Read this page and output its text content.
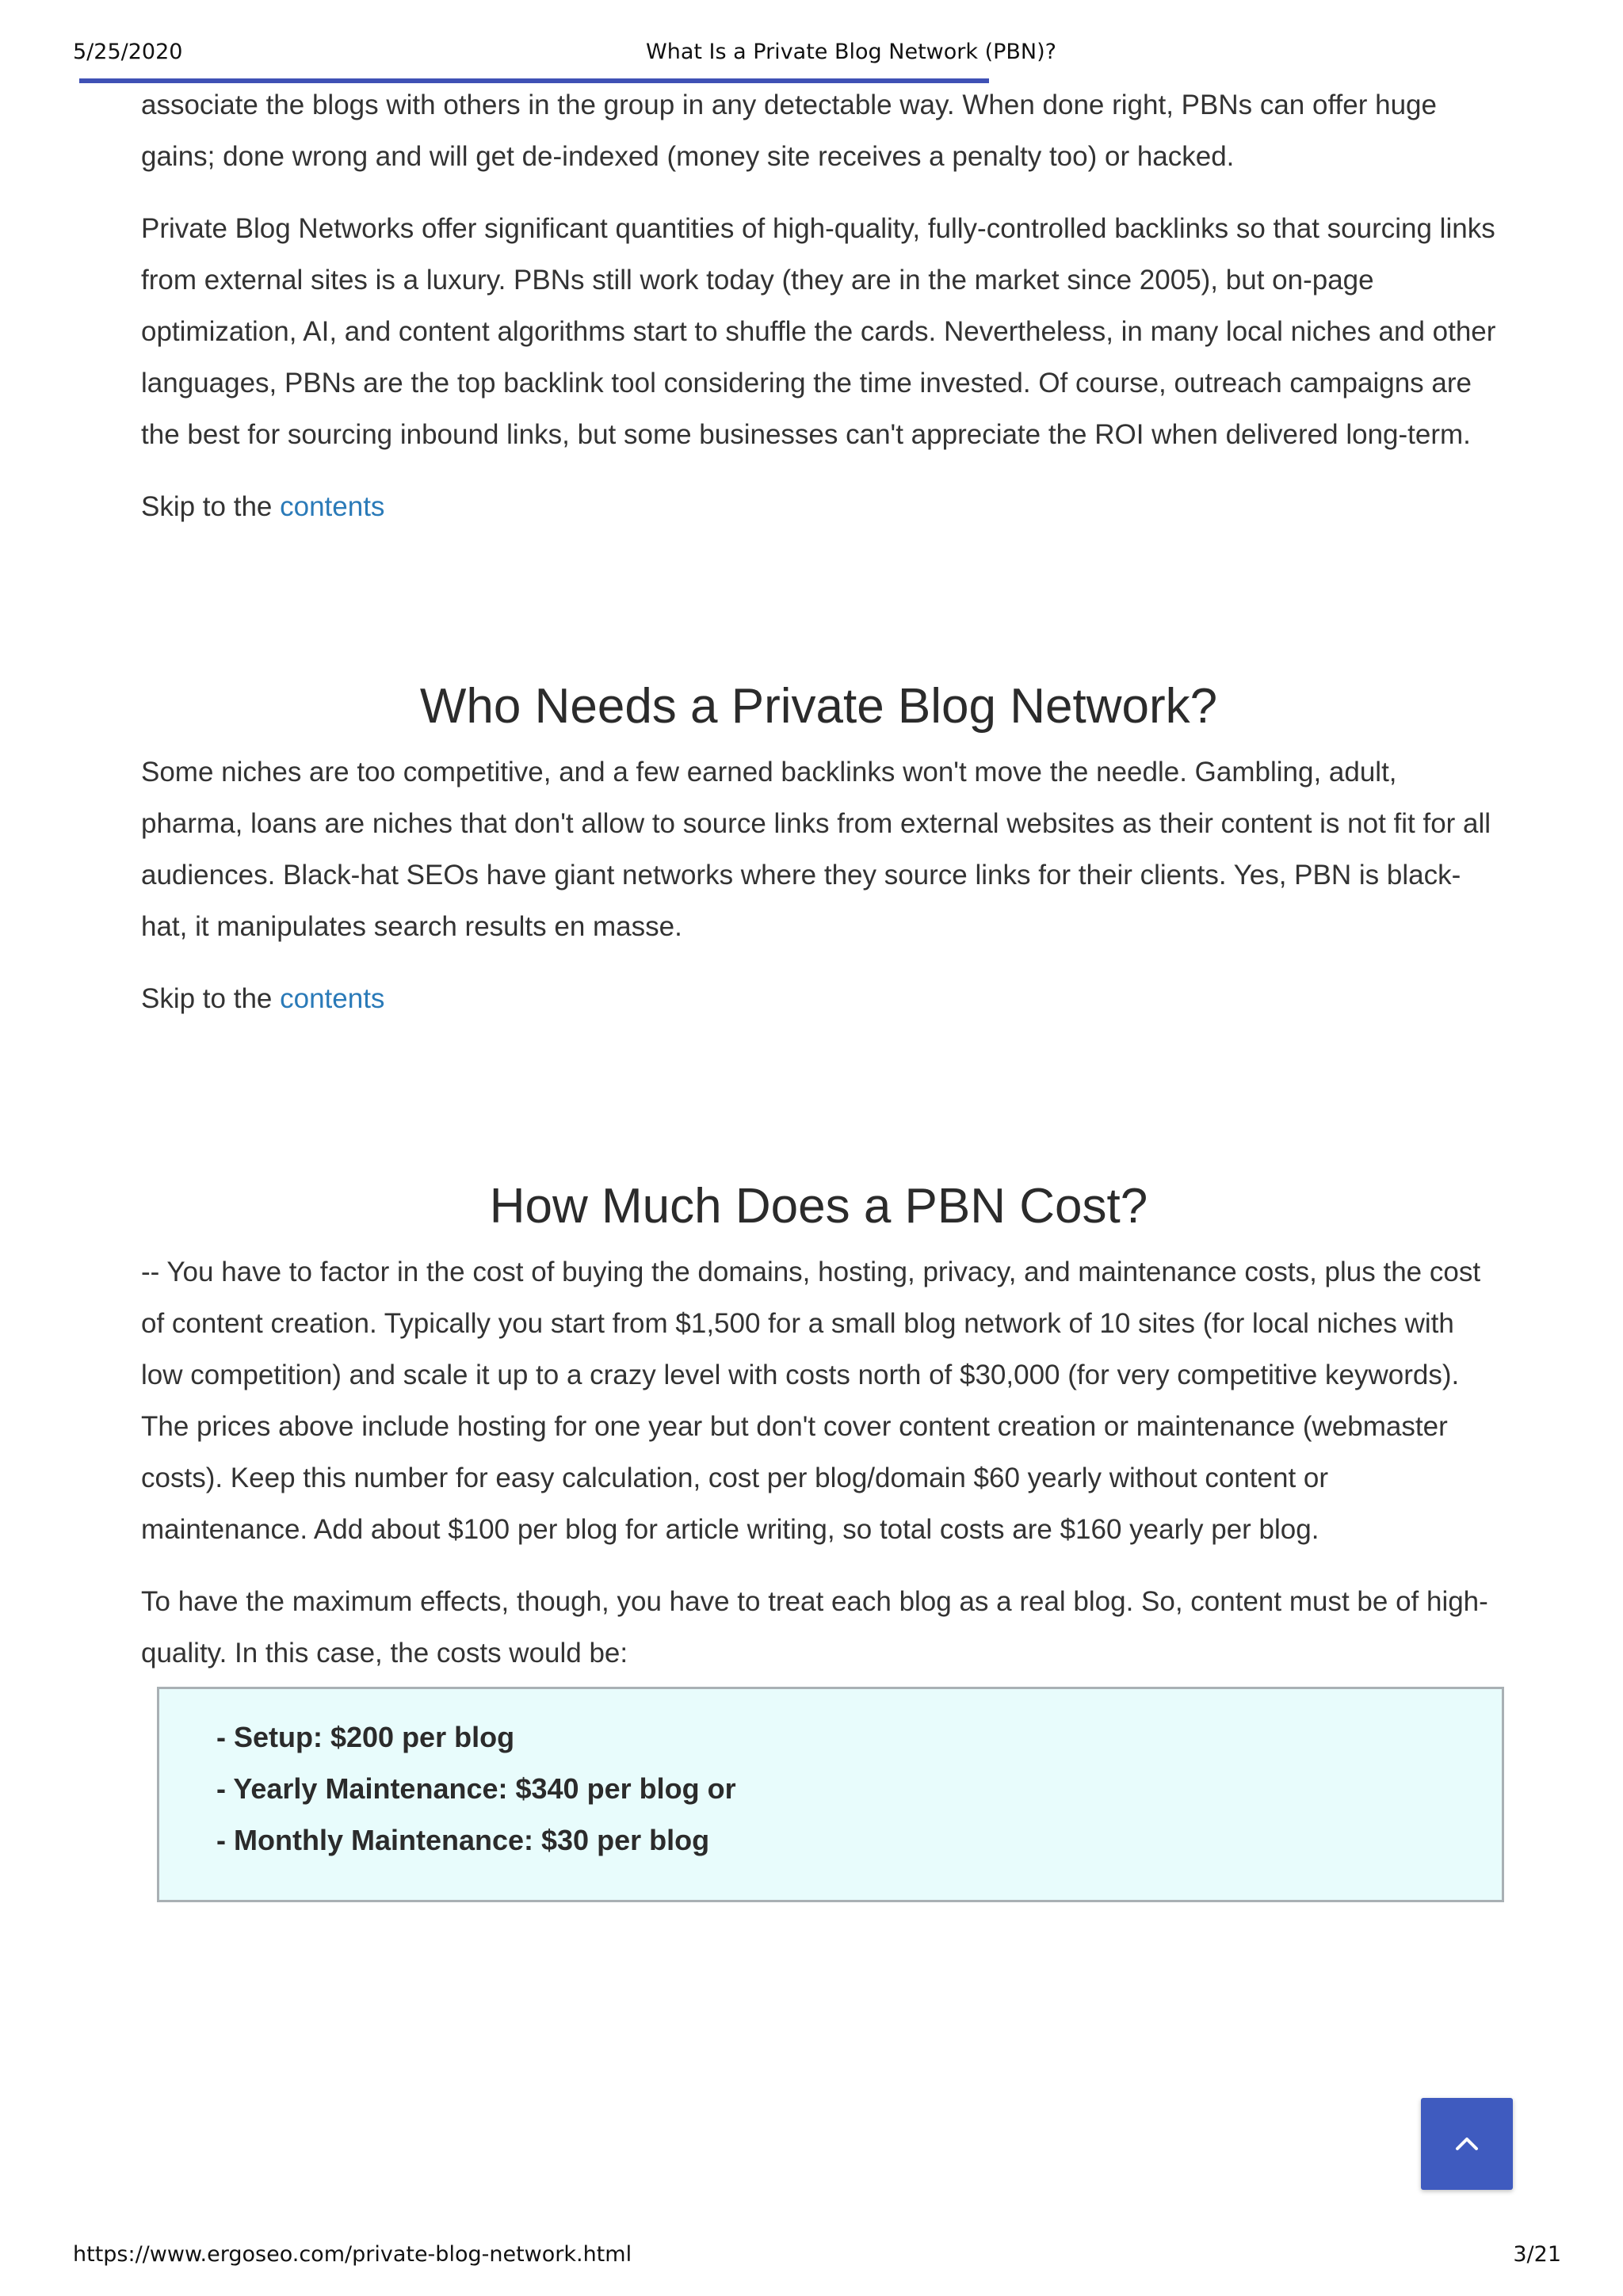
5/25/2020	What Is a Private Blog Network (PBN)?

associate the blogs with others in the group in any detectable way. When done right, PBNs can offer huge gains; done wrong and will get de-indexed (money site receives a penalty too) or hacked.

Private Blog Networks offer significant quantities of high-quality, fully-controlled backlinks so that sourcing links from external sites is a luxury. PBNs still work today (they are in the market since 2005), but on-page optimization, AI, and content algorithms start to shuffle the cards. Nevertheless, in many local niches and other languages, PBNs are the top backlink tool considering the time invested. Of course, outreach campaigns are the best for sourcing inbound links, but some businesses can't appreciate the ROI when delivered long-term.

Skip to the contents

Who Needs a Private Blog Network?

Some niches are too competitive, and a few earned backlinks won't move the needle. Gambling, adult, pharma, loans are niches that don't allow to source links from external websites as their content is not fit for all audiences. Black-hat SEOs have giant networks where they source links for their clients. Yes, PBN is black-hat, it manipulates search results en masse.

Skip to the contents

How Much Does a PBN Cost?

-- You have to factor in the cost of buying the domains, hosting, privacy, and maintenance costs, plus the cost of content creation. Typically you start from $1,500 for a small blog network of 10 sites (for local niches with low competition) and scale it up to a crazy level with costs north of $30,000 (for very competitive keywords). The prices above include hosting for one year but don't cover content creation or maintenance (webmaster costs). Keep this number for easy calculation, cost per blog/domain $60 yearly without content or maintenance. Add about $100 per blog for article writing, so total costs are $160 yearly per blog.

To have the maximum effects, though, you have to treat each blog as a real blog. So, content must be of high-quality. In this case, the costs would be:

- Setup: $200 per blog
- Yearly Maintenance: $340 per blog or
- Monthly Maintenance: $30 per blog
https://www.ergoseo.com/private-blog-network.html	3/21
